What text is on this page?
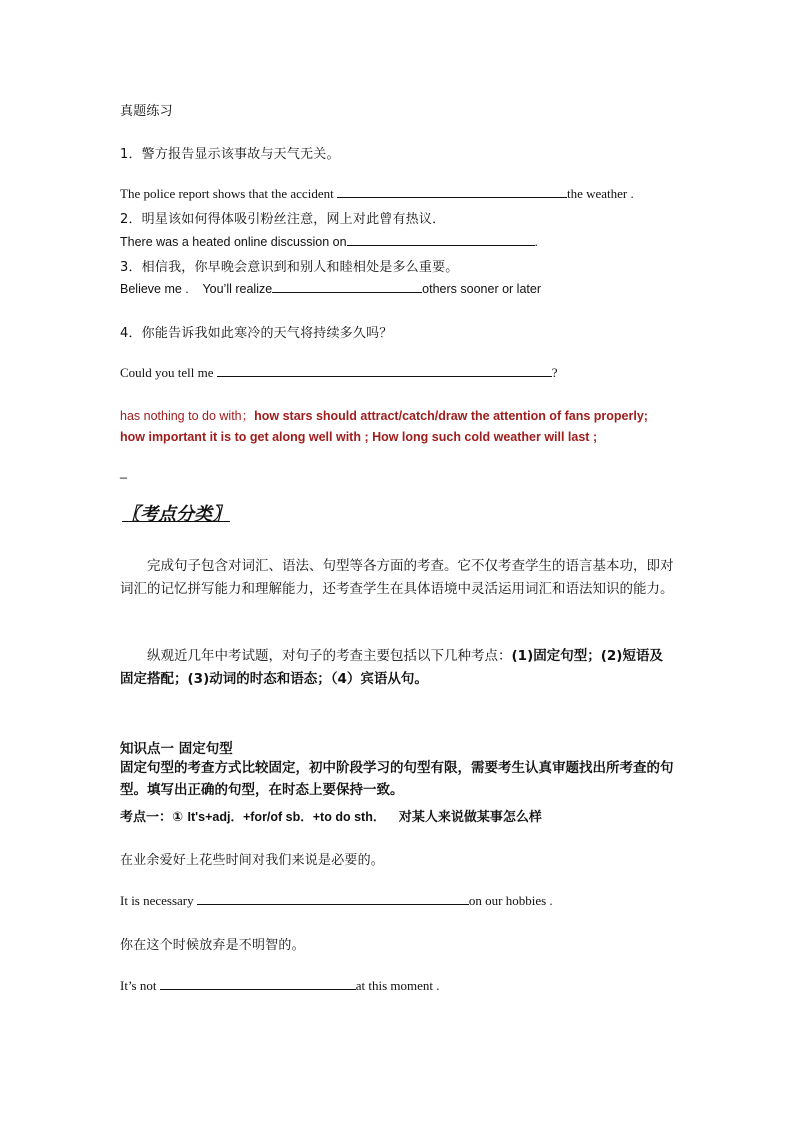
真题练习
1．警方报告显示该事故与天气无关。
The police report shows that the accident	the weather .
2．明星该如何得体吸引粉丝注意，网上对此曾有热议．
There was a heated online discussion on	.
3．相信我，你早晚会意识到和别人和睦相处是多么重要。
Believe me .    You’ll realize	others sooner or later
4．你能告诉我如此寒冷的天气将持续多久吗？
Could you tell me	?
has nothing to do with；how stars should attract/catch/draw the attention of fans properly;
how important it is to get along well with ; How long such cold weather will last ;
_
〖考点分类〗
完成句子包含对词汇、语法、句型等各方面的考查。它不仅考查学生的语言基本功，即对词汇的记忆拼写能力和理解能力，还考查学生在具体语境中灵活运用词汇和语法知识的能力。
纵观近几年中考试题，对句子的考查主要包括以下几种考点：(1)固定句型；(2)短语及固定搭配；(3)动词的时态和语态；（4）宾语从句。
知识点一 固定句型
固定句型的考查方式比较固定，初中阶段学习的句型有限，需要考生认真审题找出所考查的句型。填写出正确的句型，在时态上要保持一致。
考点一：① It's+adj．+for/of sb．+to do sth． 对某人来说做某事怎么样
在业余爱好上花些时间对我们来说是必要的。
It is necessary	on our hobbies .
你在这个时候放弃是不明智的。
It’s not	at this moment .
